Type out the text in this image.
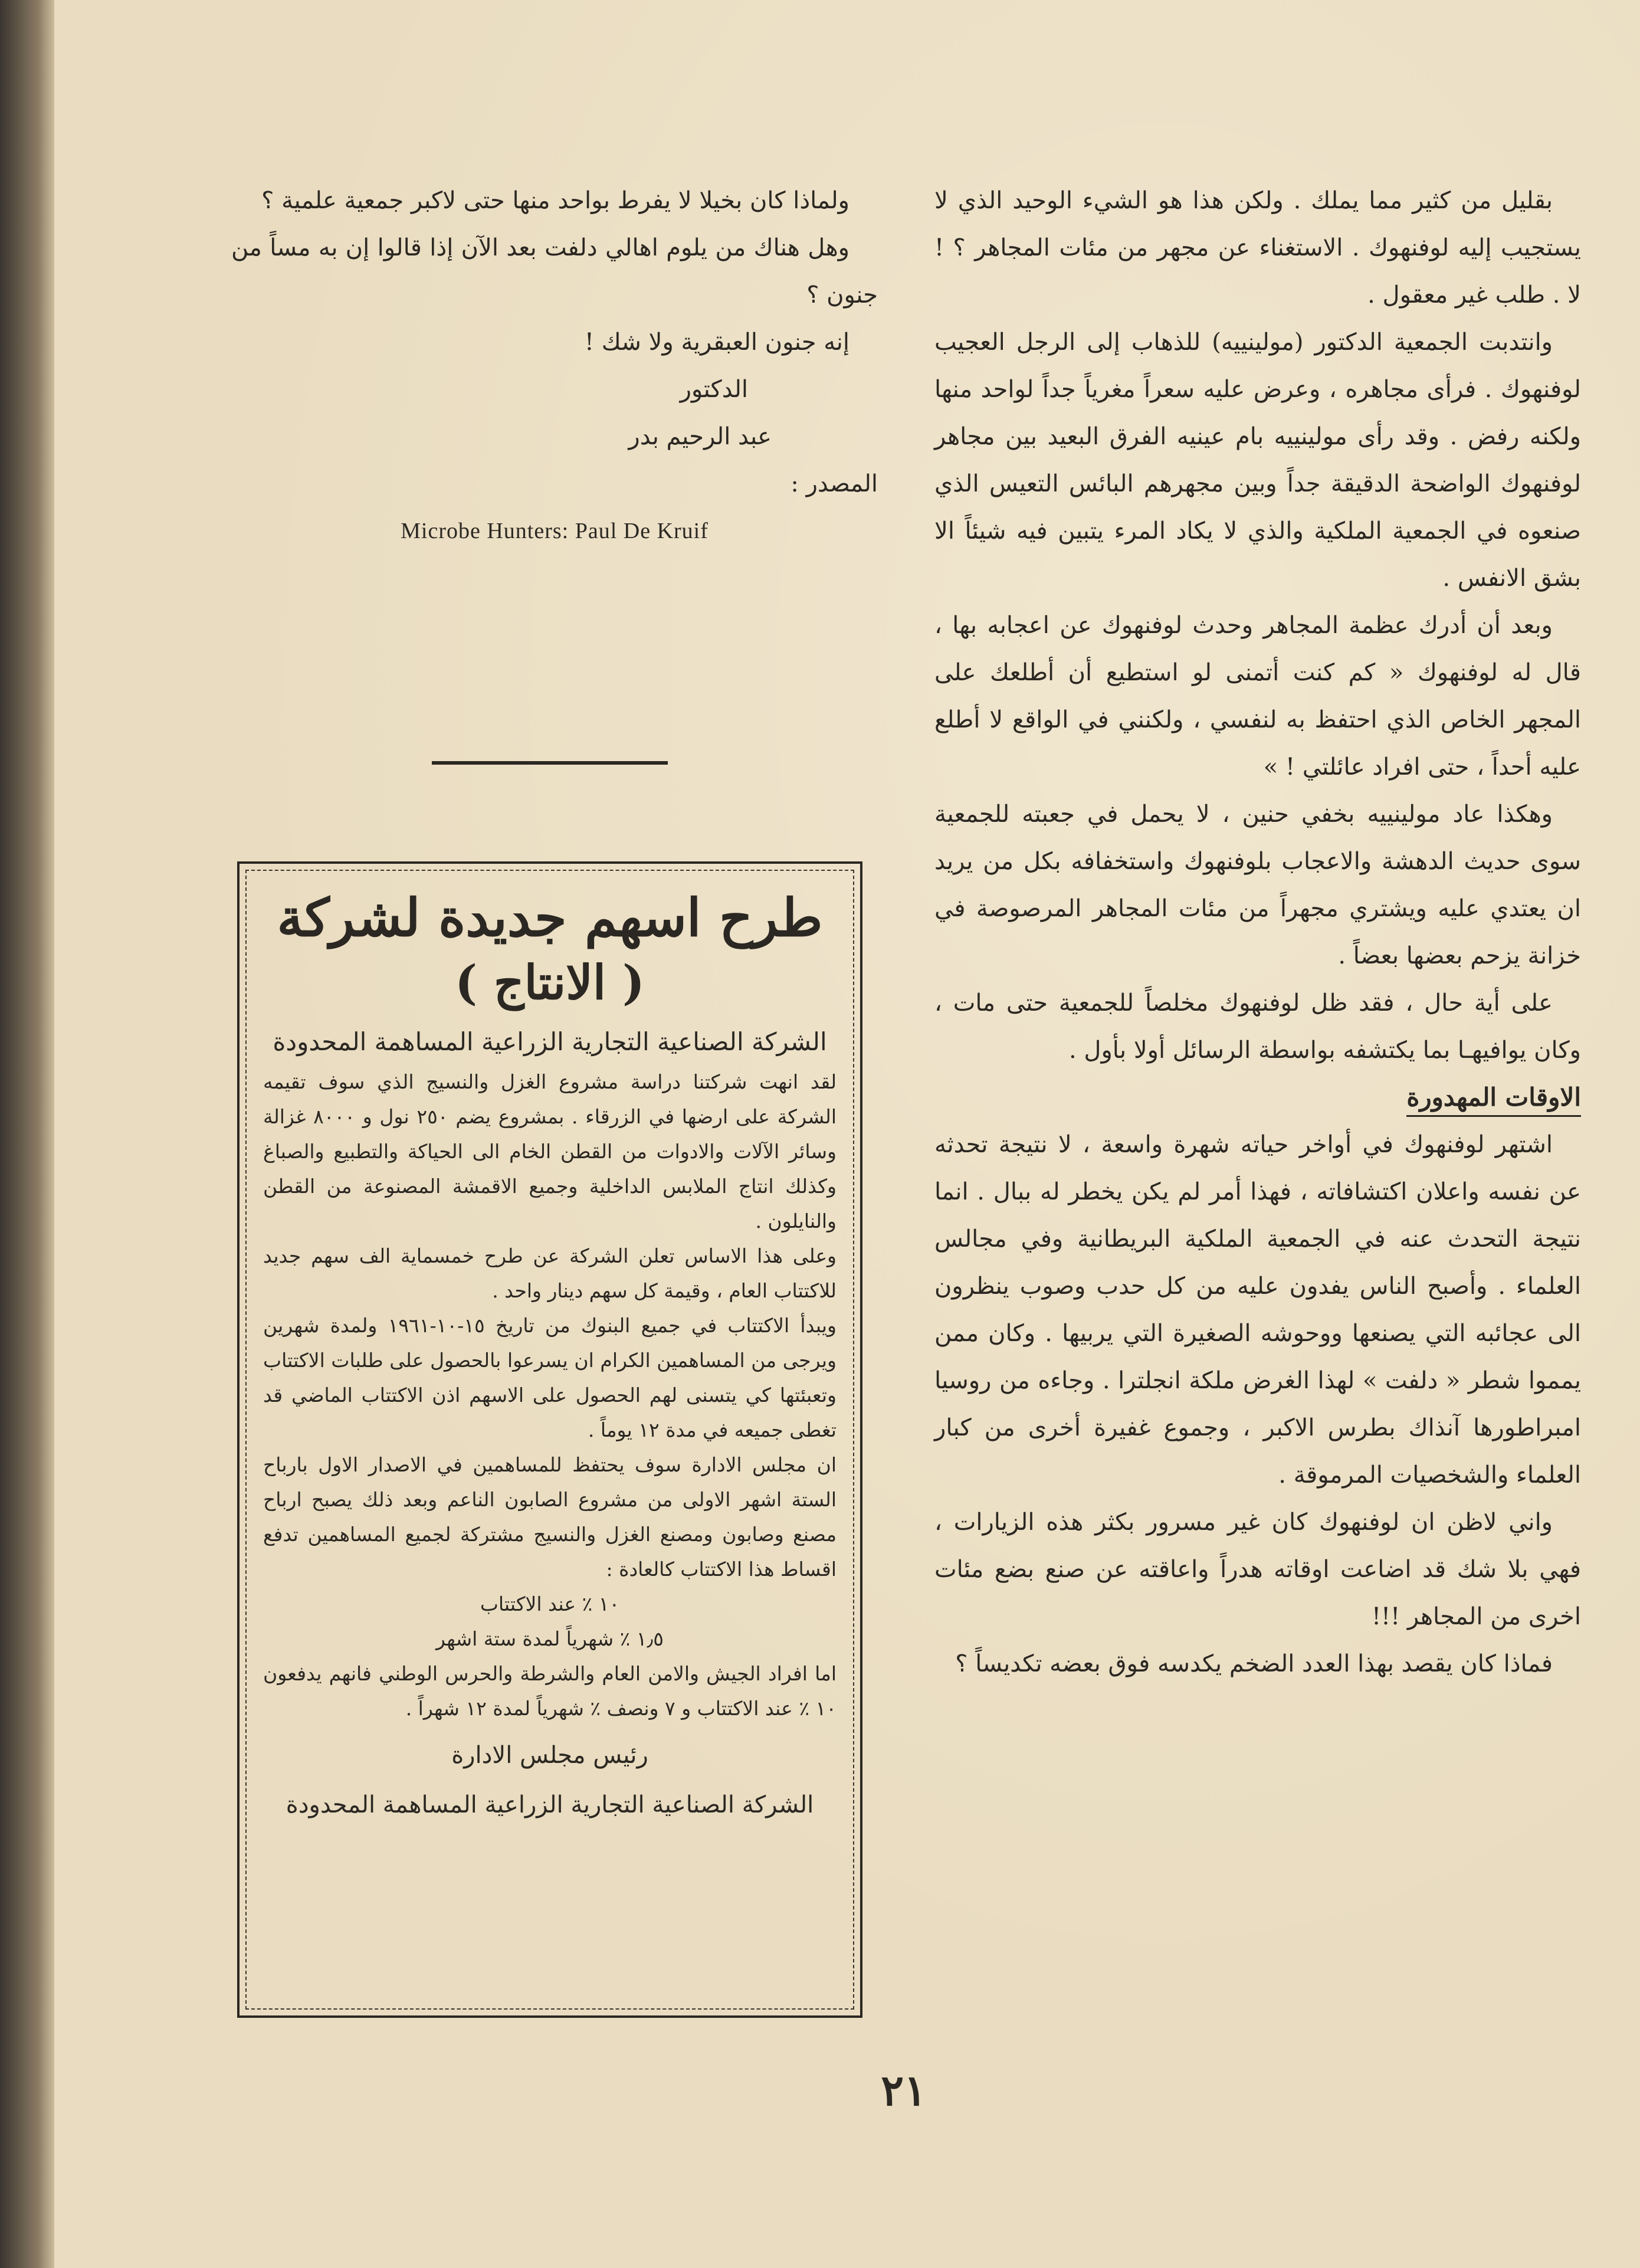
بقليل من كثير مما يملك . ولكن هذا هو الشيء الوحيد الذي لا يستجيب إليه لوفنهوك . الاستغناء عن مجهر من مئات المجاهر ؟ ! لا . طلب غير معقول .

وانتدبت الجمعية الدكتور (مولينييه) للذهاب إلى الرجل العجيب لوفنهوك . فرأى مجاهره ، وعرض عليه سعراً مغرياً جداً لواحد منها ولكنه رفض . وقد رأى مولينييه بام عينيه الفرق البعيد بين مجاهر لوفنهوك الواضحة الدقيقة جداً وبين مجهرهم البائس التعيس الذي صنعوه في الجمعية الملكية والذي لا يكاد المرء يتبين فيه شيئاً الا بشق الانفس .

وبعد أن أدرك عظمة المجاهر وحدث لوفنهوك عن اعجابه بها ، قال له لوفنهوك « كم كنت أتمنى لو استطيع أن أطلعك على المجهر الخاص الذي احتفظ به لنفسي ، ولكنني في الواقع لا أطلع عليه أحداً ، حتى افراد عائلتي ! »

وهكذا عاد مولينييه بخفي حنين ، لا يحمل في جعبته للجمعية سوى حديث الدهشة والاعجاب بلوفنهوك واستخفافه بكل من يريد ان يعتدي عليه ويشتري مجهراً من مئات المجاهر المرصوصة في خزانة يزحم بعضها بعضاً .

على أية حال ، فقد ظل لوفنهوك مخلصاً للجمعية حتى مات ، وكان يوافيهـا بما يكتشفه بواسطة الرسائل أولا بأول .

الاوقات المهدورة

اشتهر لوفنهوك في أواخر حياته شهرة واسعة ، لا نتيجة تحدثه عن نفسه واعلان اكتشافاته ، فهذا أمر لم يكن يخطر له ببال . انما نتيجة التحدث عنه في الجمعية الملكية البريطانية وفي مجالس العلماء . وأصبح الناس يفدون عليه من كل حدب وصوب ينظرون الى عجائبه التي يصنعها ووحوشه الصغيرة التي يربيها . وكان ممن يمموا شطر « دلفت » لهذا الغرض ملكة انجلترا . وجاءه من روسيا امبراطورها آنذاك بطرس الاكبر ، وجموع غفيرة أخرى من كبار العلماء والشخصيات المرموقة .

واني لاظن ان لوفنهوك كان غير مسرور بكثر هذه الزيارات ، فهي بلا شك قد اضاعت اوقاته هدراً واعاقته عن صنع بضع مئات اخرى من المجاهر !!!

فماذا كان يقصد بهذا العدد الضخم يكدسه فوق بعضه تكديساً ؟

ولماذا كان بخيلا لا يفرط بواحد منها حتى لاكبر جمعية علمية ؟

وهل هناك من يلوم اهالي دلفت بعد الآن إذا قالوا إن به مساً من جنون ؟

إنه جنون العبقرية ولا شك !

الدكتور

عبد الرحيم بدر

المصدر :

Microbe Hunters: Paul De Kruif

طرح اسهم جديدة لشركة
( الانتاج )
الشركة الصناعية التجارية الزراعية المساهمة المحدودة

لقد انهت شركتنا دراسة مشروع الغزل والنسيج الذي سوف تقيمه الشركة على ارضها في الزرقاء . بمشروع يضم ٢٥٠ نول و ٨٠٠٠ غزالة وسائر الآلات والادوات من القطن الخام الى الحياكة والتطبيع والصباغ وكذلك انتاج الملابس الداخلية وجميع الاقمشة المصنوعة من القطن والنايلون .

وعلى هذا الاساس تعلن الشركة عن طرح خمسماية الف سهم جديد للاكتتاب العام ، وقيمة كل سهم دينار واحد .

ويبدأ الاكتتاب في جميع البنوك من تاريخ ١٥-١٠-١٩٦١ ولمدة شهرين ويرجى من المساهمين الكرام ان يسرعوا بالحصول على طلبات الاكتتاب وتعبئتها كي يتسنى لهم الحصول على الاسهم اذن الاكتتاب الماضي قد تغطى جميعه في مدة ١٢ يوماً .

ان مجلس الادارة سوف يحتفظ للمساهمين في الاصدار الاول بارباح الستة اشهر الاولى من مشروع الصابون الناعم وبعد ذلك يصبح ارباح مصنع وصابون ومصنع الغزل والنسيج مشتركة لجميع المساهمين تدفع اقساط هذا الاكتتاب كالعادة :

١٠ ٪ عند الاكتتاب

١٫٥ ٪ شهرياً لمدة ستة اشهر

اما افراد الجيش والامن العام والشرطة والحرس الوطني فانهم يدفعون ١٠ ٪ عند الاكتتاب و ٧ ونصف ٪ شهرياً لمدة ١٢ شهراً .

رئيس مجلس الادارة
الشركة الصناعية التجارية الزراعية المساهمة المحدودة
٢١
